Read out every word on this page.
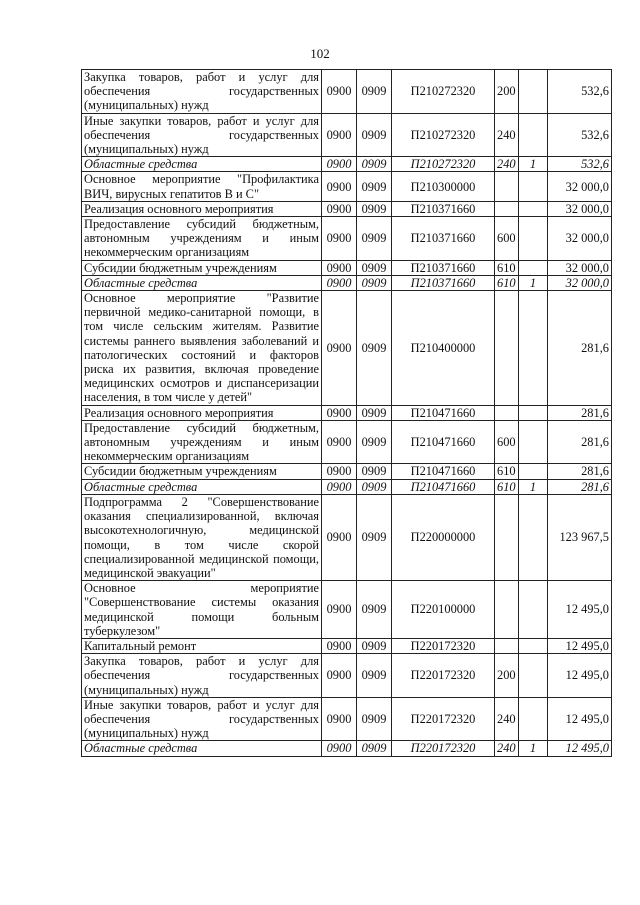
102
Закупка товаров, работ и услуг для обеспечения государственных (муниципальных) нужд	0900	0909	П210272320	200		532,6
Иные закупки товаров, работ и услуг для обеспечения государственных (муниципальных) нужд	0900	0909	П210272320	240		532,6
Областные средства	0900	0909	П210272320	240	1	532,6
Основное мероприятие "Профилактика ВИЧ, вирусных гепатитов В и С"	0900	0909	П210300000			32 000,0
Реализация основного мероприятия	0900	0909	П210371660			32 000,0
Предоставление субсидий бюджетным, автономным учреждениям и иным некоммерческим организациям	0900	0909	П210371660	600		32 000,0
Субсидии бюджетным учреждениям	0900	0909	П210371660	610		32 000,0
Областные средства	0900	0909	П210371660	610	1	32 000,0
Основное мероприятие "Развитие первичной медико-санитарной помощи, в том числе сельским жителям. Развитие системы раннего выявления заболеваний и патологических состояний и факторов риска их развития, включая проведение медицинских осмотров и диспансеризации населения, в том числе у детей"	0900	0909	П210400000			281,6
Реализация основного мероприятия	0900	0909	П210471660			281,6
Предоставление субсидий бюджетным, автономным учреждениям и иным некоммерческим организациям	0900	0909	П210471660	600		281,6
Субсидии бюджетным учреждениям	0900	0909	П210471660	610		281,6
Областные средства	0900	0909	П210471660	610	1	281,6
Подпрограмма 2 "Совершенствование оказания специализированной, включая высокотехнологичную, медицинской помощи, в том числе скорой специализированной медицинской помощи, медицинской эвакуации"	0900	0909	П220000000			123 967,5
Основное мероприятие "Совершенствование системы оказания медицинской помощи больным туберкулезом"	0900	0909	П220100000			12 495,0
Капитальный ремонт	0900	0909	П220172320			12 495,0
Закупка товаров, работ и услуг для обеспечения государственных (муниципальных) нужд	0900	0909	П220172320	200		12 495,0
Иные закупки товаров, работ и услуг для обеспечения государственных (муниципальных) нужд	0900	0909	П220172320	240		12 495,0
Областные средства	0900	0909	П220172320	240	1	12 495,0
